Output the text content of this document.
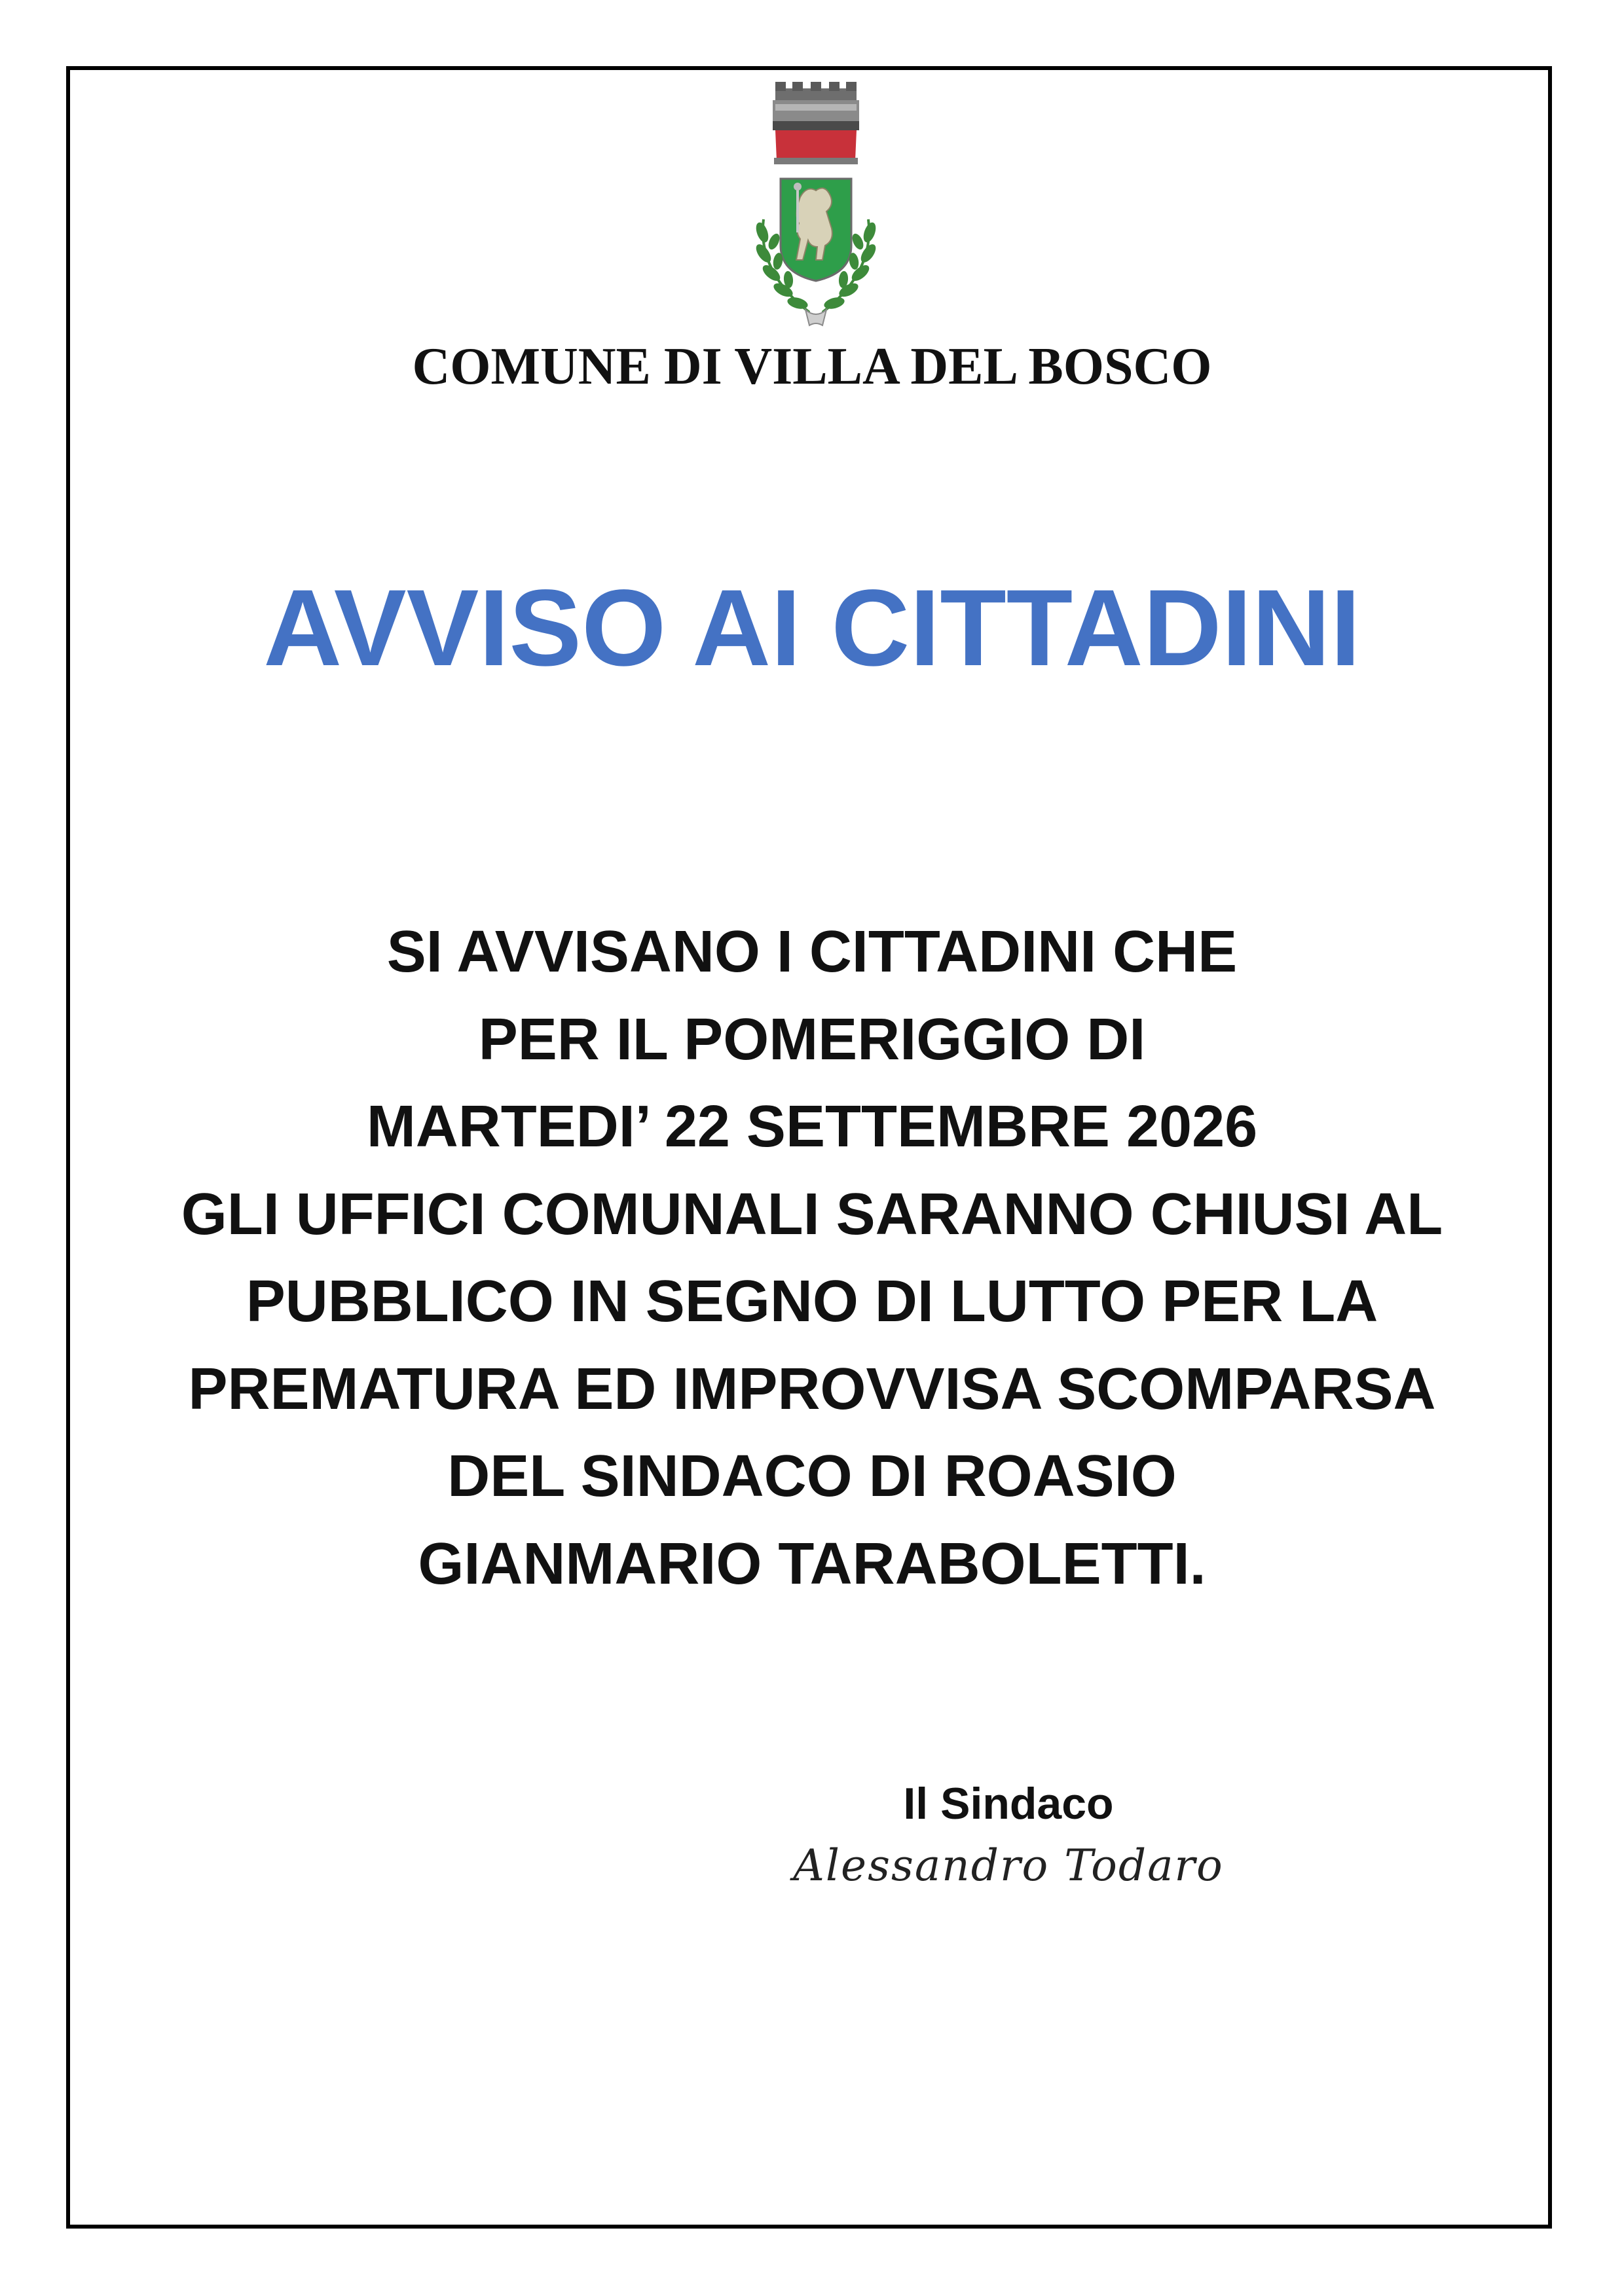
COMUNE DI VILLA DEL BOSCO
AVVISO AI CITTADINI
SI AVVISANO I CITTADINI CHE
PER IL POMERIGGIO DI
MARTEDI’ 22 SETTEMBRE 2026
GLI UFFICI COMUNALI SARANNO CHIUSI AL
PUBBLICO IN SEGNO DI LUTTO PER LA
PREMATURA ED IMPROVVISA SCOMPARSA
DEL SINDACO DI ROASIO
GIANMARIO TARABOLETTI.
Il Sindaco
Alessandro Todaro
